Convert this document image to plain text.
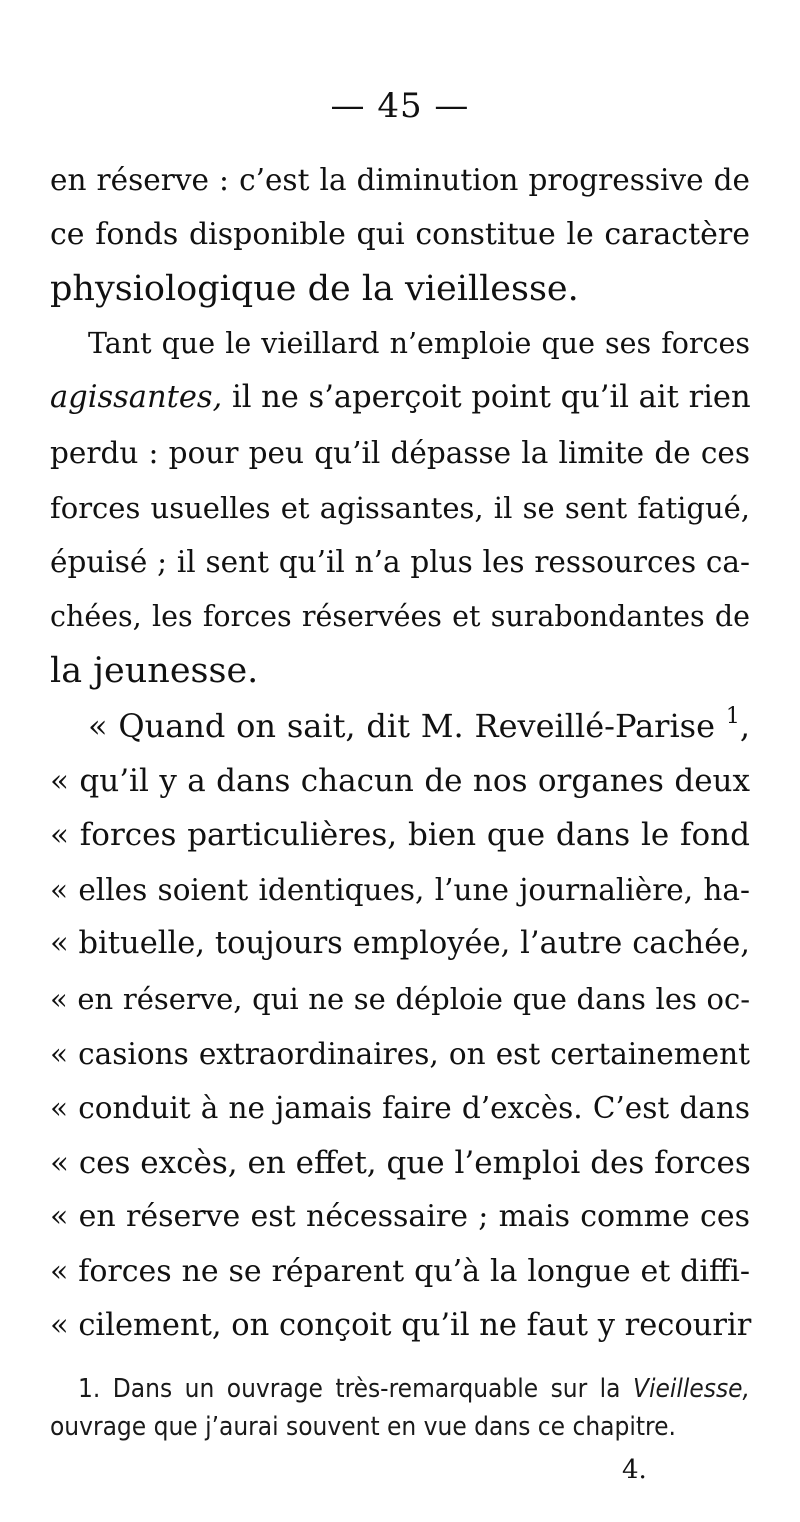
— 45 —
en réserve : c’est la diminution progressive de
ce fonds disponible qui constitue le caractère
physiologique de la vieillesse.
Tant que le vieillard n’emploie que ses forces
agissantes, il ne s’aperçoit point qu’il ait rien
perdu : pour peu qu’il dépasse la limite de ces
forces usuelles et agissantes, il se sent fatigué,
épuisé ; il sent qu’il n’a plus les ressources ca-
chées, les forces réservées et surabondantes de
la jeunesse.
« Quand on sait, dit M. Reveillé-Parise $^1$,
« qu’il y a dans chacun de nos organes deux
« forces particulières, bien que dans le fond
« elles soient identiques, l’une journalière, ha-
« bituelle, toujours employée, l’autre cachée,
« en réserve, qui ne se déploie que dans les oc-
« casions extraordinaires, on est certainement
« conduit à ne jamais faire d’excès. C’est dans
« ces excès, en effet, que l’emploi des forces
« en réserve est nécessaire ; mais comme ces
« forces ne se réparent qu’à la longue et diffi-
« cilement, on conçoit qu’il ne faut y recourir
1. Dans un ouvrage très-remarquable sur la Vieillesse,
ouvrage que j’aurai souvent en vue dans ce chapitre.
4.
